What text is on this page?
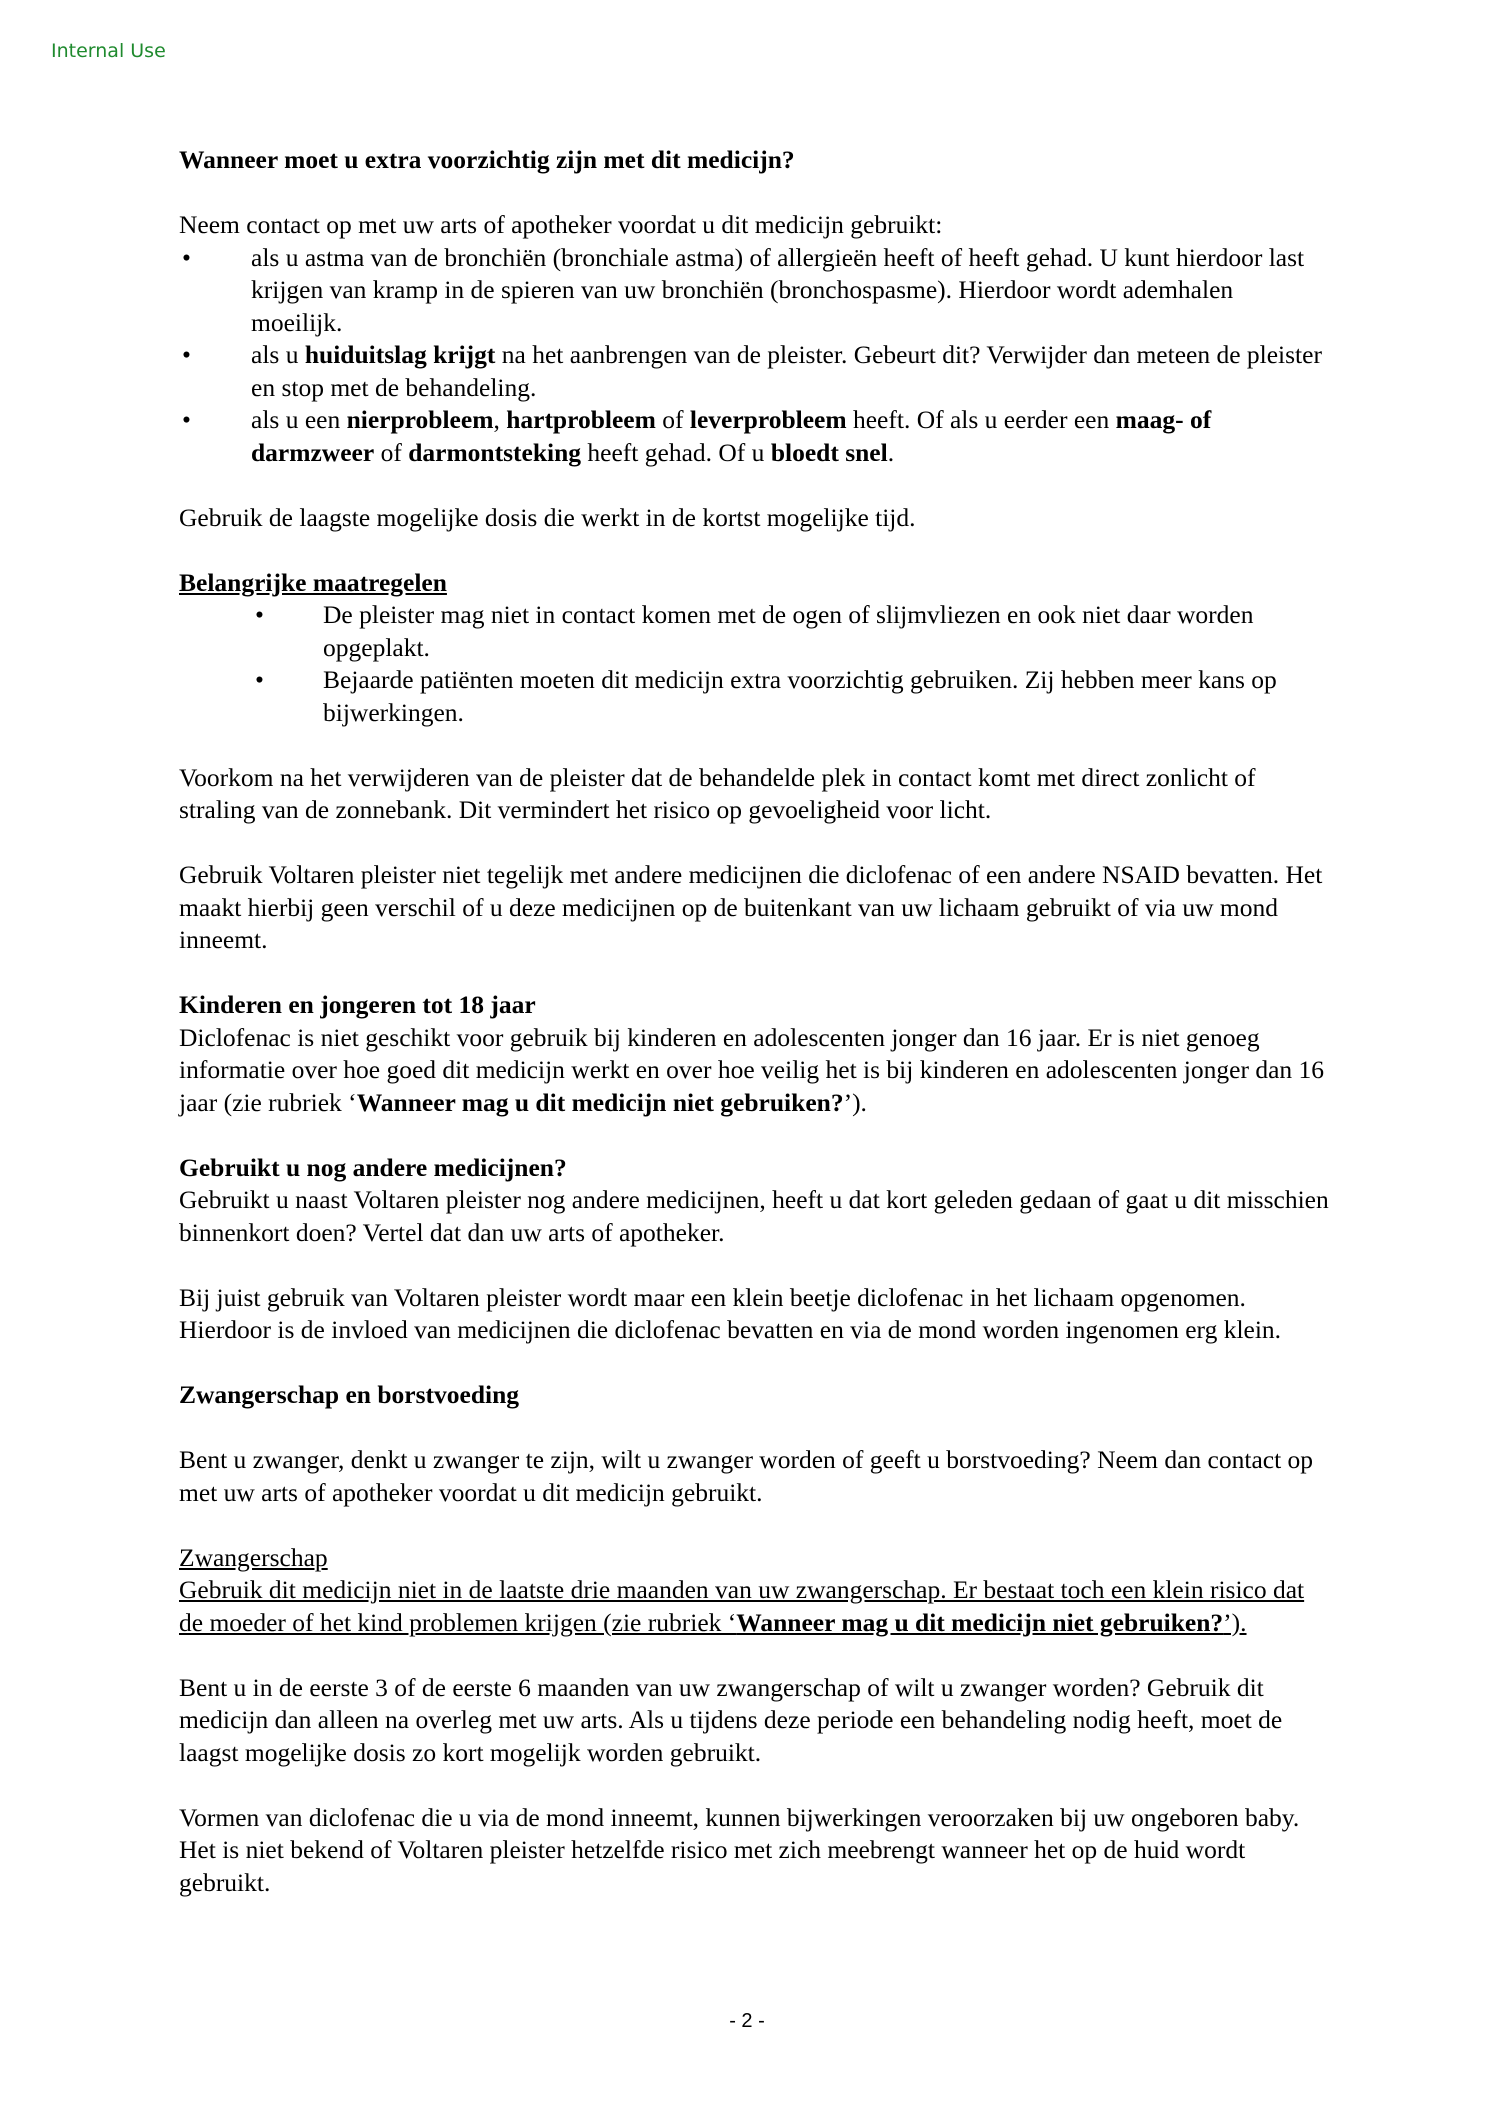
Internal Use

Wanneer moet u extra voorzichtig zijn met dit medicijn?

Neem contact op met uw arts of apotheker voordat u dit medicijn gebruikt:

• als u astma van de bronchiën (bronchiale astma) of allergieën heeft of heeft gehad. U kunt hierdoor last krijgen van kramp in de spieren van uw bronchiën (bronchospasme). Hierdoor wordt ademhalen moeilijk.
• als u huiduitslag krijgt na het aanbrengen van de pleister. Gebeurt dit? Verwijder dan meteen de pleister en stop met de behandeling.
• als u een nierprobleem, hartprobleem of leverprobleem heeft. Of als u eerder een maag- of darmzweer of darmontsteking heeft gehad. Of u bloedt snel.

Gebruik de laagste mogelijke dosis die werkt in de kortst mogelijke tijd.

Belangrijke maatregelen

• De pleister mag niet in contact komen met de ogen of slijmvliezen en ook niet daar worden opgeplakt.
• Bejaarde patiënten moeten dit medicijn extra voorzichtig gebruiken. Zij hebben meer kans op bijwerkingen.

Voorkom na het verwijderen van de pleister dat de behandelde plek in contact komt met direct zonlicht of straling van de zonnebank. Dit vermindert het risico op gevoeligheid voor licht.

Gebruik Voltaren pleister niet tegelijk met andere medicijnen die diclofenac of een andere NSAID bevatten. Het maakt hierbij geen verschil of u deze medicijnen op de buitenkant van uw lichaam gebruikt of via uw mond inneemt.

Kinderen en jongeren tot 18 jaar

Diclofenac is niet geschikt voor gebruik bij kinderen en adolescenten jonger dan 16 jaar. Er is niet genoeg informatie over hoe goed dit medicijn werkt en over hoe veilig het is bij kinderen en adolescenten jonger dan 16 jaar (zie rubriek ‘Wanneer mag u dit medicijn niet gebruiken?’).

Gebruikt u nog andere medicijnen?

Gebruikt u naast Voltaren pleister nog andere medicijnen, heeft u dat kort geleden gedaan of gaat u dit misschien binnenkort doen? Vertel dat dan uw arts of apotheker.

Bij juist gebruik van Voltaren pleister wordt maar een klein beetje diclofenac in het lichaam opgenomen. Hierdoor is de invloed van medicijnen die diclofenac bevatten en via de mond worden ingenomen erg klein.

Zwangerschap en borstvoeding

Bent u zwanger, denkt u zwanger te zijn, wilt u zwanger worden of geeft u borstvoeding? Neem dan contact op met uw arts of apotheker voordat u dit medicijn gebruikt.

Zwangerschap

Gebruik dit medicijn niet in de laatste drie maanden van uw zwangerschap. Er bestaat toch een klein risico dat de moeder of het kind problemen krijgen (zie rubriek ‘Wanneer mag u dit medicijn niet gebruiken?’).

Bent u in de eerste 3 of de eerste 6 maanden van uw zwangerschap of wilt u zwanger worden? Gebruik dit medicijn dan alleen na overleg met uw arts. Als u tijdens deze periode een behandeling nodig heeft, moet de laagst mogelijke dosis zo kort mogelijk worden gebruikt.

Vormen van diclofenac die u via de mond inneemt, kunnen bijwerkingen veroorzaken bij uw ongeboren baby. Het is niet bekend of Voltaren pleister hetzelfde risico met zich meebrengt wanneer het op de huid wordt gebruikt.

- 2 -
